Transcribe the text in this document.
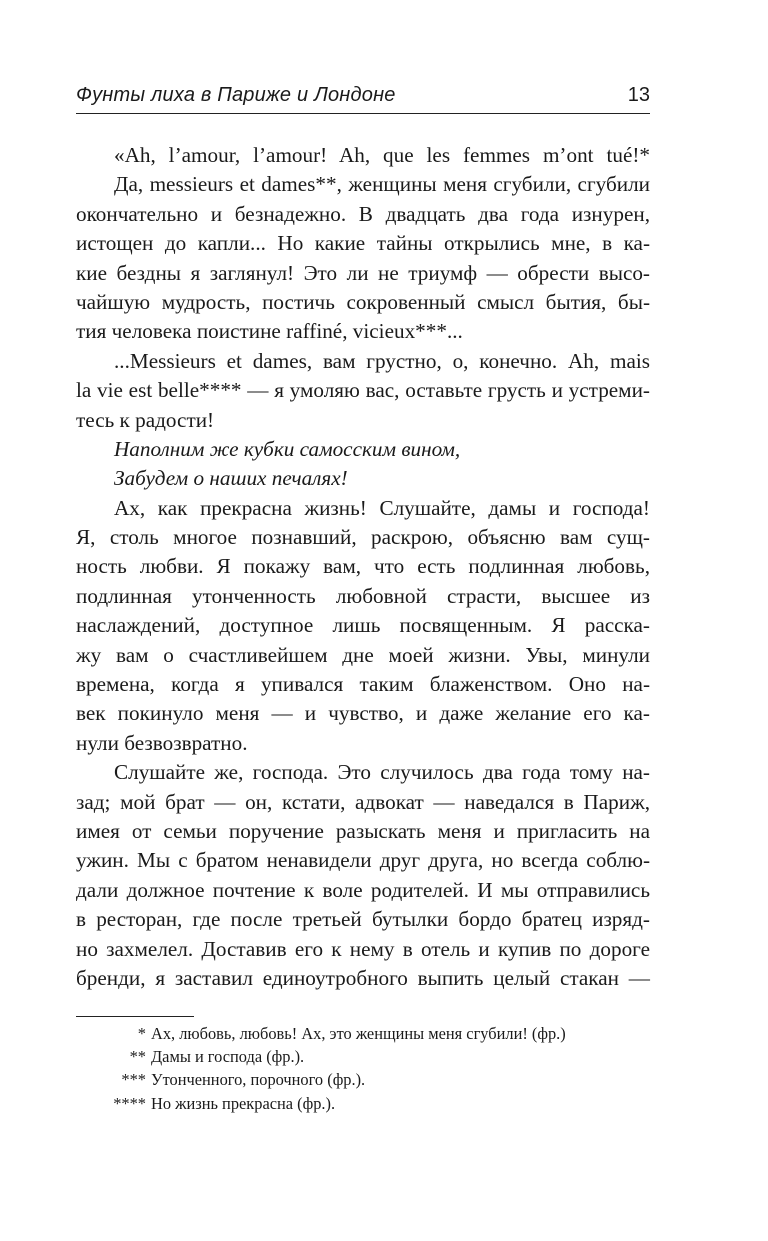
Фунты лиха в Париже и Лондоне	13
«Ah, l’amour, l’amour! Ah, que les femmes m’ont tué!*
Да, messieurs et dames**, женщины меня сгубили, сгубили
окончательно и безнадежно. В двадцать два года изнурен,
истощен до капли... Но какие тайны открылись мне, в ка-
кие бездны я заглянул! Это ли не триумф — обрести высо-
чайшую мудрость, постичь сокровенный смысл бытия, бы-
тия человека поистине raffiné, vicieux***...
...Messieurs et dames, вам грустно, о, конечно. Ah, mais
la vie est belle**** — я умоляю вас, оставьте грусть и устреми-
тесь к радости!
Наполним же кубки самосским вином,
Забудем о наших печалях!
Ах, как прекрасна жизнь! Слушайте, дамы и господа!
Я, столь многое познавший, раскрою, объясню вам сущ-
ность любви. Я покажу вам, что есть подлинная любовь,
подлинная утонченность любовной страсти, высшее из
наслаждений, доступное лишь посвященным. Я расска-
жу вам о счастливейшем дне моей жизни. Увы, минули
времена, когда я упивался таким блаженством. Оно на-
век покинуло меня — и чувство, и даже желание его ка-
нули безвозвратно.
Слушайте же, господа. Это случилось два года тому на-
зад; мой брат — он, кстати, адвокат — наведался в Париж,
имея от семьи поручение разыскать меня и пригласить на
ужин. Мы с братом ненавидели друг друга, но всегда соблю-
дали должное почтение к воле родителей. И мы отправились
в ресторан, где после третьей бутылки бордо братец изряд-
но захмелел. Доставив его к нему в отель и купив по дороге
бренди, я заставил единоутробного выпить целый стакан —
* Ах, любовь, любовь! Ах, это женщины меня сгубили! (фр.)
** Дамы и господа (фр.).
*** Утонченного, порочного (фр.).
**** Но жизнь прекрасна (фр.).
